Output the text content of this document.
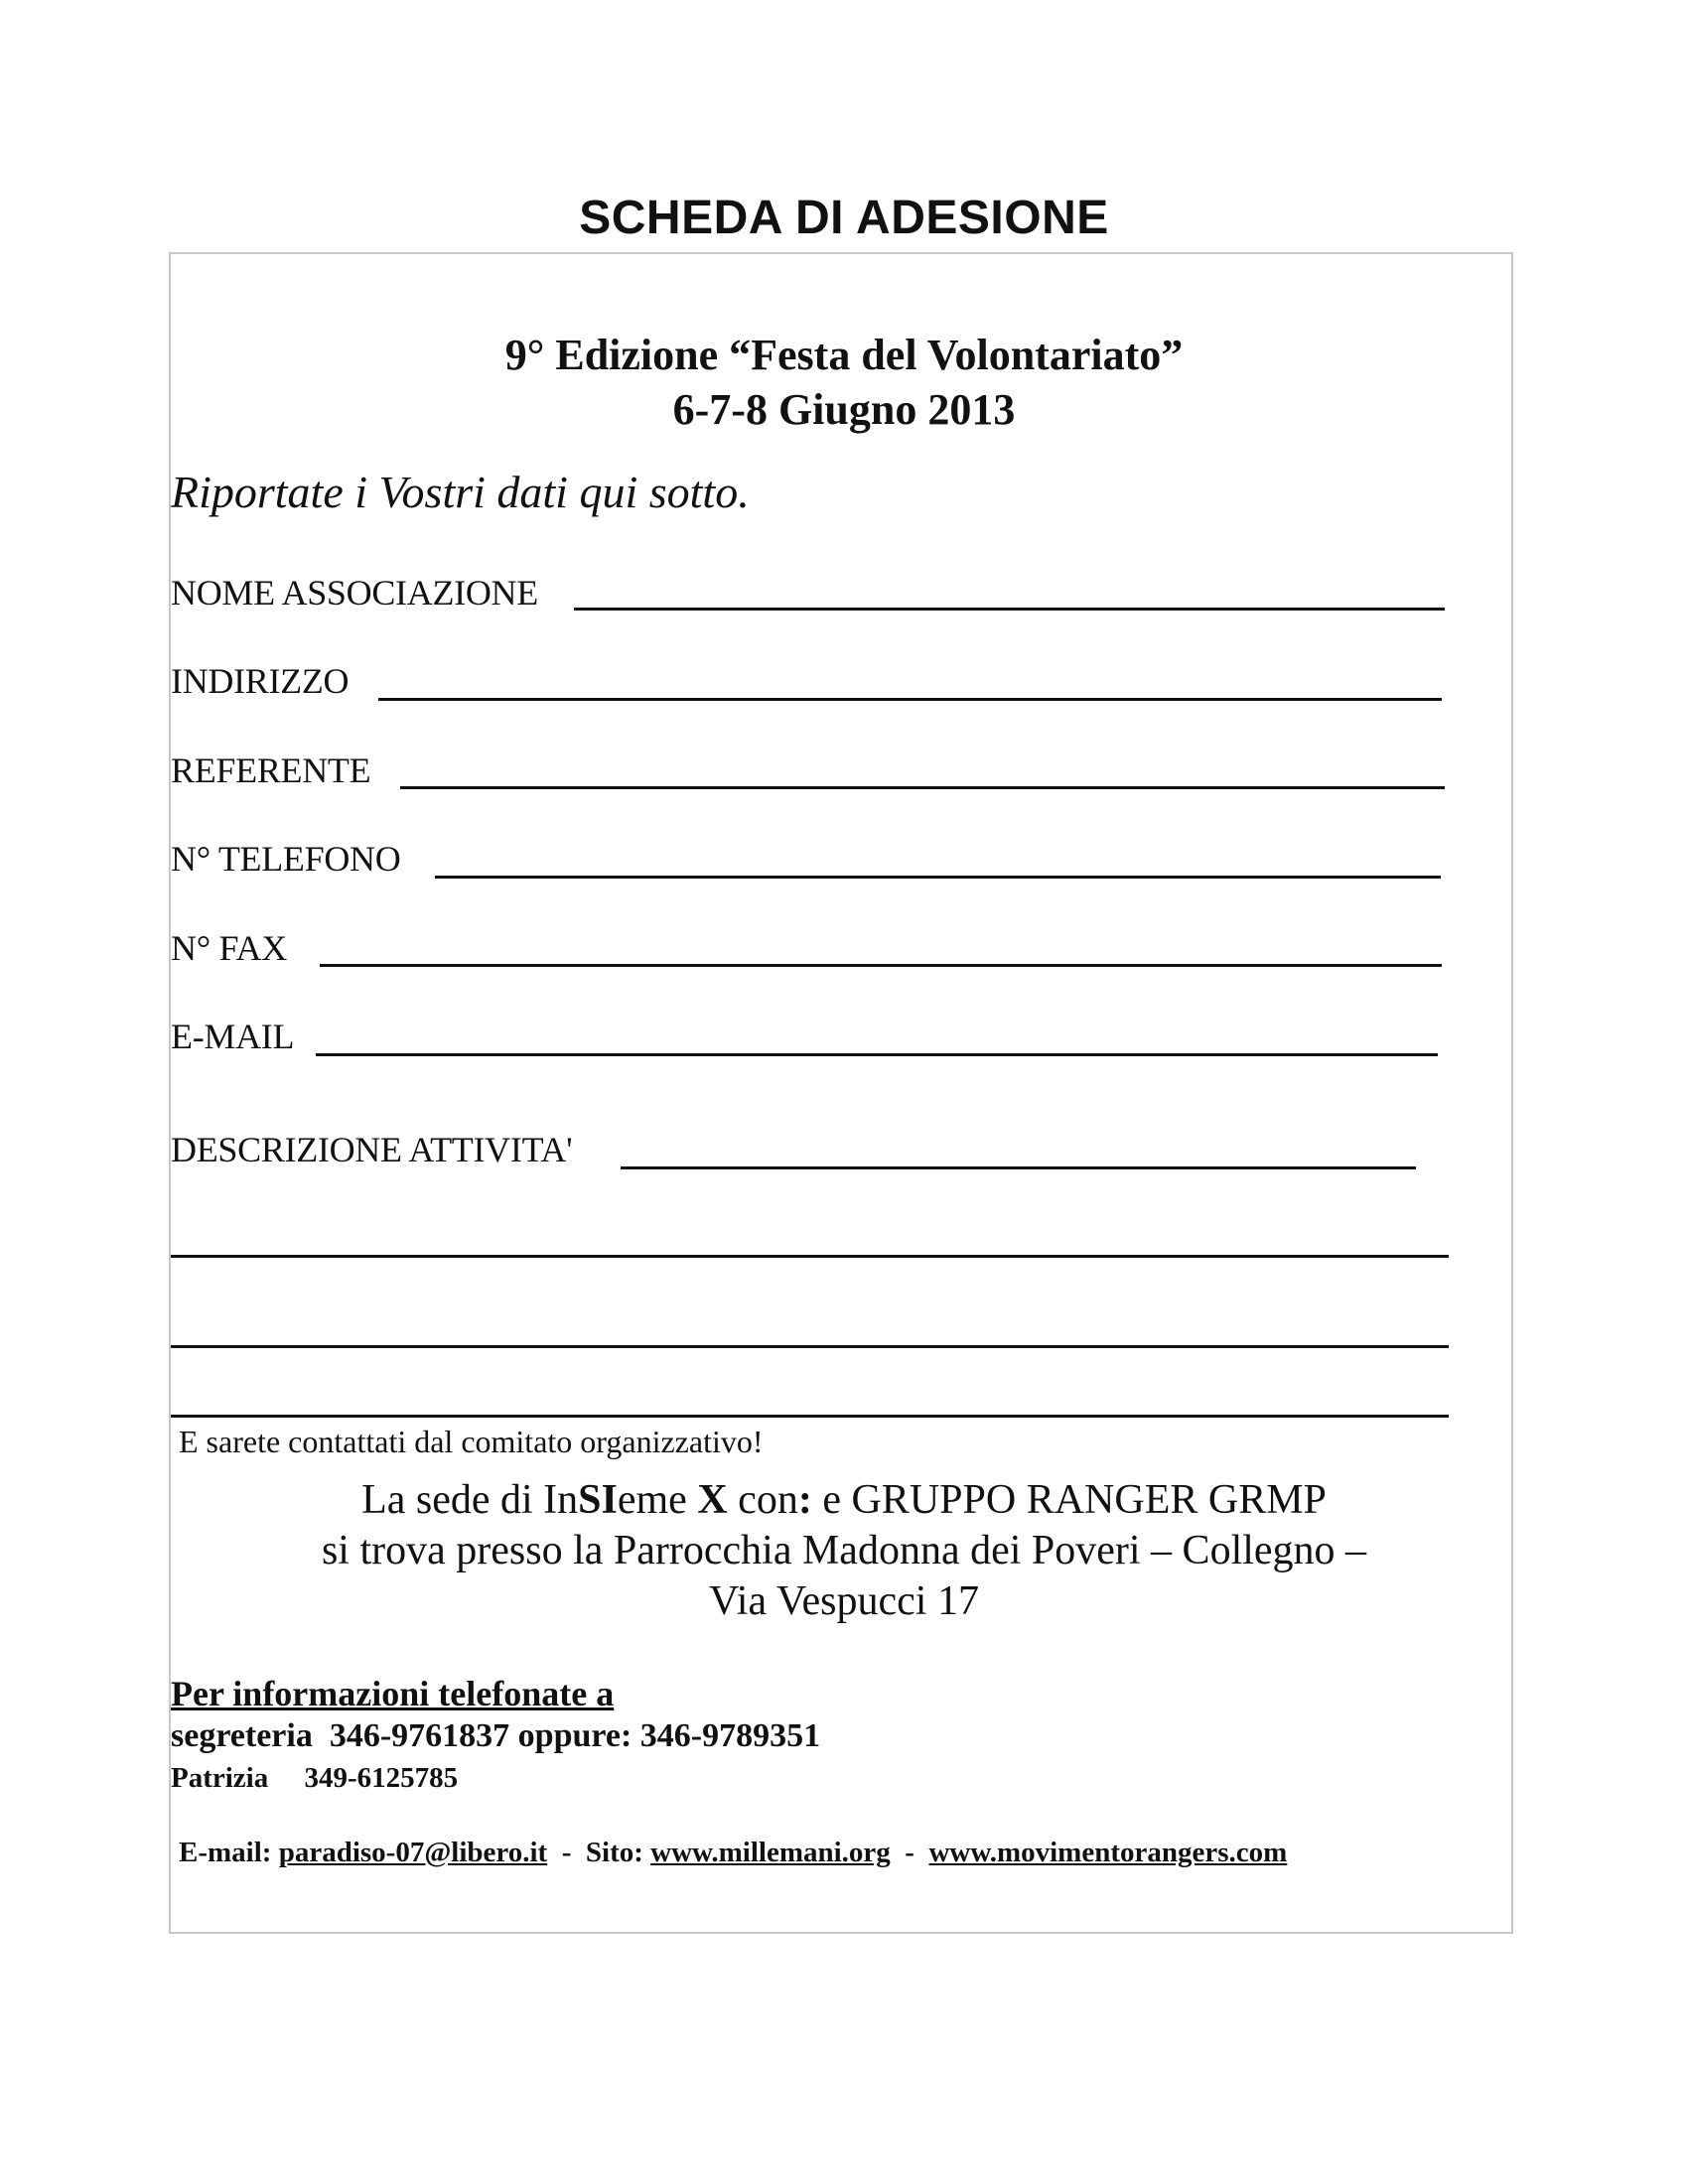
SCHEDA DI ADESIONE
9° Edizione “Festa del Volontariato”
6-7-8 Giugno 2013
Riportate i Vostri dati qui sotto.
NOME ASSOCIAZIONE
INDIRIZZO
REFERENTE
N° TELEFONO
N° FAX
E-MAIL
DESCRIZIONE ATTIVITA'
E sarete contattati dal comitato organizzativo!
La sede di InSIeme X con: e GRUPPO RANGER GRMP
si trova presso la Parrocchia Madonna dei Poveri – Collegno –
Via Vespucci 17
Per informazioni telefonate a
segreteria 346-9761837 oppure: 346-9789351
Patrizia 349-6125785
E-mail: paradiso-07@libero.it - Sito: www.millemani.org - www.movimentorangers.com
